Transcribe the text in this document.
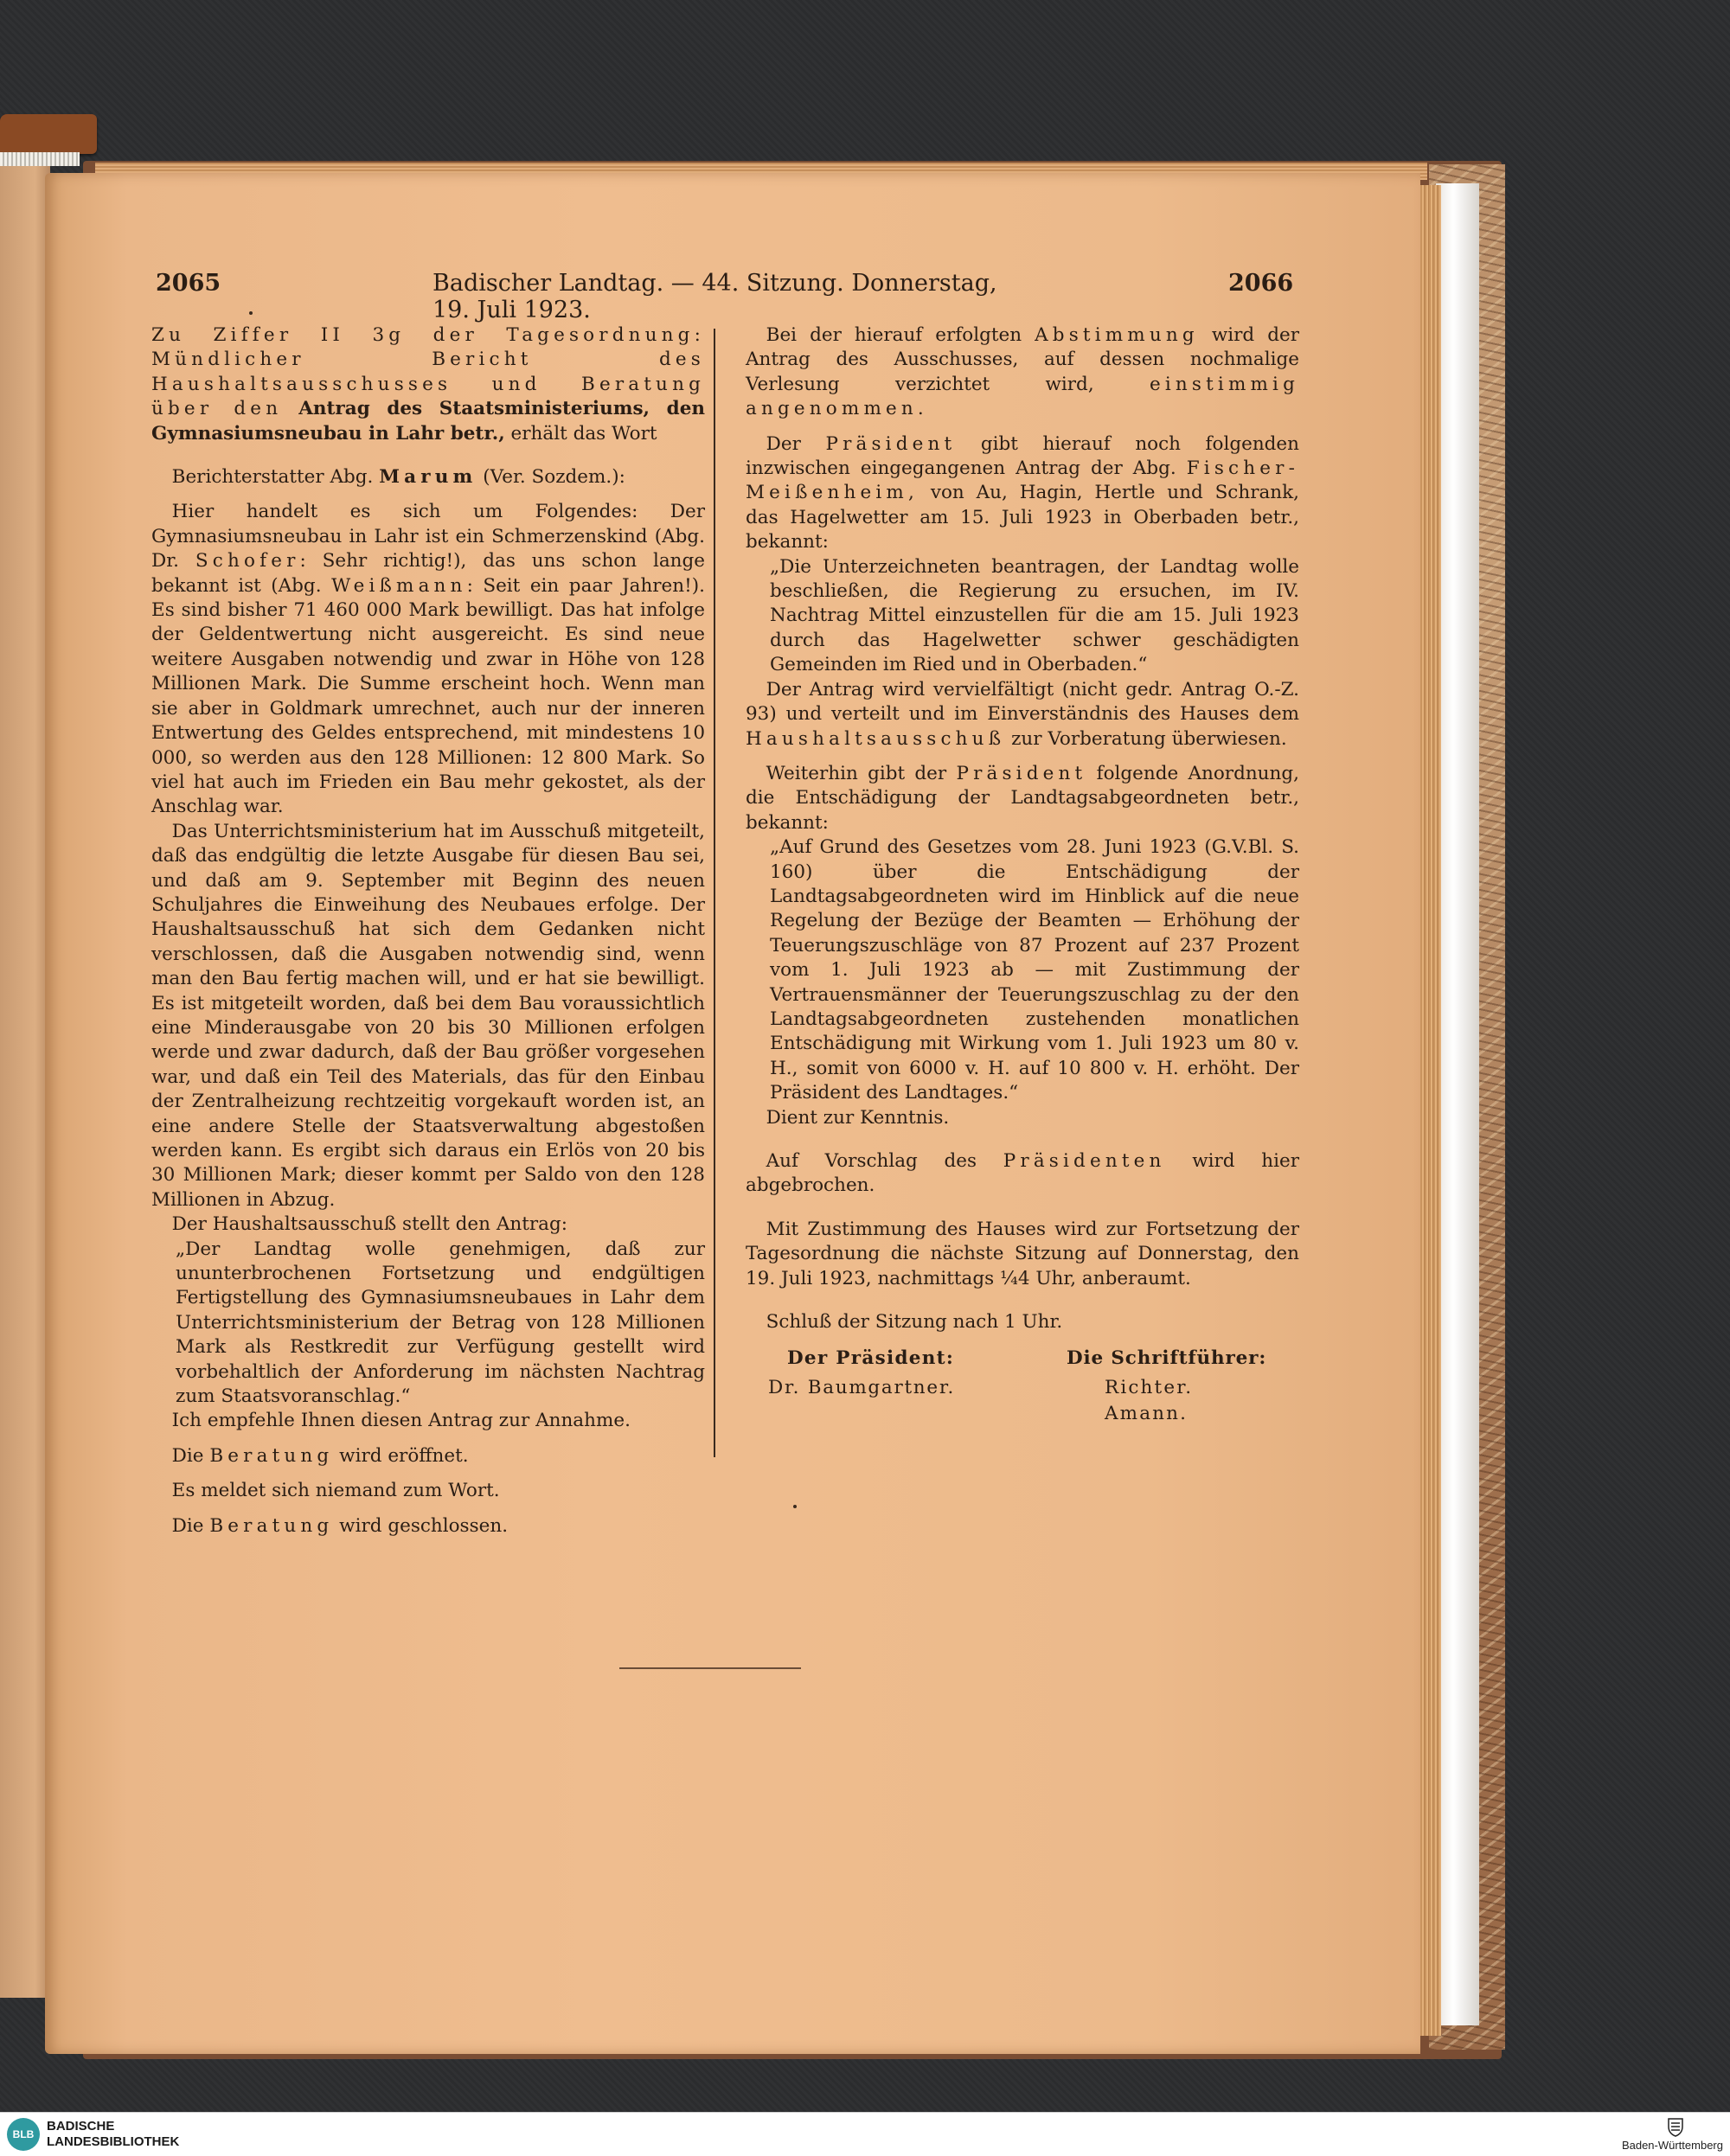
2065	Badischer Landtag. — 44. Sitzung. Donnerstag, 19. Juli 1923.
2066

Zu Ziffer II 3g der Tagesordnung: Mündlicher Bericht des Haushaltsausschusses und Beratung über den Antrag des Staatsministeriums, den Gymnasiumsneubau in Lahr betr., erhält das Wort

Berichterstatter Abg. Marum (Ver. Sozdem.):

Hier handelt es sich um Folgendes: Der Gymnasiumsneubau in Lahr ist ein Schmerzenskind (Abg. Dr. Schofer: Sehr richtig!), das uns schon lange bekannt ist (Abg. Weißmann: Seit ein paar Jahren!). Es sind bisher 71 460 000 Mark bewilligt. Das hat infolge der Geldentwertung nicht ausgereicht. Es sind neue weitere Ausgaben notwendig und zwar in Höhe von 128 Millionen Mark. Die Summe erscheint hoch. Wenn man sie aber in Goldmark umrechnet, auch nur der inneren Entwertung des Geldes entsprechend, mit mindestens 10 000, so werden aus den 128 Millionen: 12 800 Mark. So viel hat auch im Frieden ein Bau mehr gekostet, als der Anschlag war.

Das Unterrichtsministerium hat im Ausschuß mitgeteilt, daß das endgültig die letzte Ausgabe für diesen Bau sei, und daß am 9. September mit Beginn des neuen Schuljahres die Einweihung des Neubaues erfolge. Der Haushaltsausschuß hat sich dem Gedanken nicht verschlossen, daß die Ausgaben notwendig sind, wenn man den Bau fertig machen will, und er hat sie bewilligt. Es ist mitgeteilt worden, daß bei dem Bau voraussichtlich eine Minderausgabe von 20 bis 30 Millionen erfolgen werde und zwar dadurch, daß der Bau größer vorgesehen war, und daß ein Teil des Materials, das für den Einbau der Zentralheizung rechtzeitig vorgekauft worden ist, an eine andere Stelle der Staatsverwaltung abgestoßen werden kann. Es ergibt sich daraus ein Erlös von 20 bis 30 Millionen Mark; dieser kommt per Saldo von den 128 Millionen in Abzug.

Der Haushaltsausschuß stellt den Antrag:

„Der Landtag wolle genehmigen, daß zur ununterbrochenen Fortsetzung und endgültigen Fertigstellung des Gymnasiumsneubaues in Lahr dem Unterrichtsministerium der Betrag von 128 Millionen Mark als Restkredit zur Verfügung gestellt wird vorbehaltlich der Anforderung im nächsten Nachtrag zum Staatsvoranschlag.“

Ich empfehle Ihnen diesen Antrag zur Annahme.

Die Beratung wird eröffnet.

Es meldet sich niemand zum Wort.

Die Beratung wird geschlossen.

Bei der hierauf erfolgten Abstimmung wird der Antrag des Ausschusses, auf dessen nochmalige Verlesung verzichtet wird,	einstimmig angenommen.

Der Präsident gibt hierauf noch folgenden inzwischen eingegangenen Antrag der Abg. Fischer-Meißenheim, von Au, Hagin, Hertle und Schrank, das Hagelwetter am 15. Juli 1923 in Oberbaden betr., bekannt:

„Die Unterzeichneten beantragen, der Landtag wolle beschließen, die Regierung zu ersuchen, im IV. Nachtrag Mittel einzustellen für die am 15. Juli 1923 durch das Hagelwetter schwer geschädigten Gemeinden im Ried und in Oberbaden.“

Der Antrag wird vervielfältigt (nicht gedr. Antrag O.-Z. 93) und verteilt und im Einverständnis des Hauses dem Haushaltsausschuß zur Vorberatung überwiesen.

Weiterhin gibt der Präsident folgende Anordnung, die Entschädigung der Landtagsabgeordneten betr., bekannt:

„Auf Grund des Gesetzes vom 28. Juni 1923 (G.V.Bl. S. 160) über die Entschädigung der Landtagsabgeordneten wird im Hinblick auf die neue Regelung der Bezüge der Beamten — Erhöhung der Teuerungszuschläge von 87 Prozent auf 237 Prozent vom 1. Juli 1923 ab — mit Zustimmung der Vertrauensmänner der Teuerungszuschlag zu der den Landtagsabgeordneten zustehenden monatlichen Entschädigung mit Wirkung vom 1. Juli 1923 um 80 v. H., somit von 6000 v. H. auf 10 800 v. H. erhöht. Der Präsident des Landtages.“

Dient zur Kenntnis.

Auf Vorschlag des Präsidenten wird hier abgebrochen.

Mit Zustimmung des Hauses wird zur Fortsetzung der Tagesordnung die nächste Sitzung auf Donnerstag, den 19. Juli 1923, nachmittags ¼4 Uhr, anberaumt.

Schluß der Sitzung nach 1 Uhr.

Der Präsident:
Dr. Baumgartner.
Die Schriftführer:
Richter.
Amann.
BLB
BADISCHE
LANDESBIBLIOTHEK	Baden-Württemberg
